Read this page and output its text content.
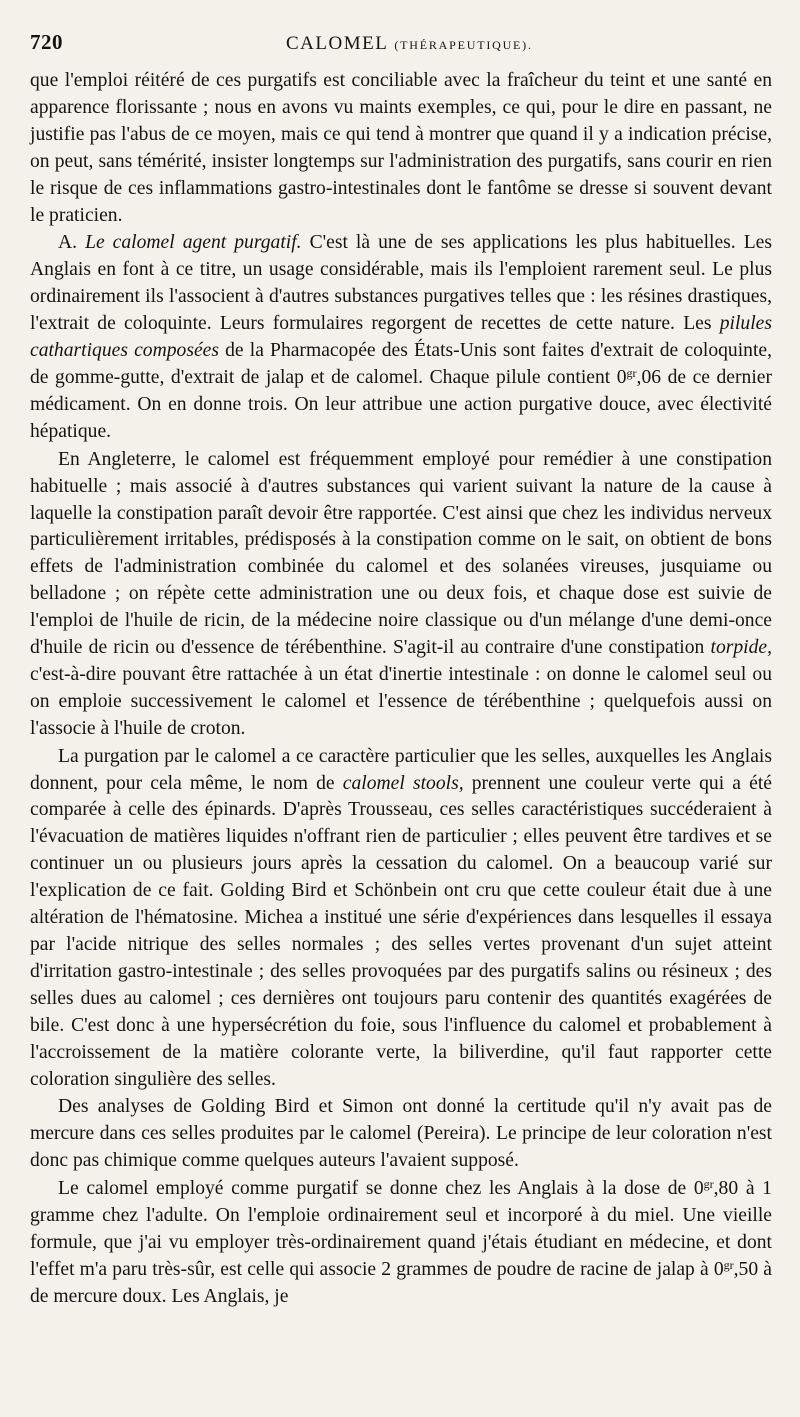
720	CALOMEL (THÉRAPEUTIQUE).

que l'emploi réitéré de ces purgatifs est conciliable avec la fraîcheur du teint et une santé en apparence florissante ; nous en avons vu maints exemples, ce qui, pour le dire en passant, ne justifie pas l'abus de ce moyen, mais ce qui tend à montrer que quand il y a indication précise, on peut, sans témérité, insister longtemps sur l'administration des purgatifs, sans courir en rien le risque de ces inflammations gastro-intestinales dont le fantôme se dresse si souvent devant le praticien.

A. Le calomel agent purgatif. C'est là une de ses applications les plus habituelles. Les Anglais en font à ce titre, un usage considérable, mais ils l'emploient rarement seul. Le plus ordinairement ils l'associent à d'autres substances purgatives telles que : les résines drastiques, l'extrait de coloquinte. Leurs formulaires regorgent de recettes de cette nature. Les pilules cathartiques composées de la Pharmacopée des États-Unis sont faites d'extrait de coloquinte, de gomme-gutte, d'extrait de jalap et de calomel. Chaque pilule contient $0^{gr},06$ de ce dernier médicament. On en donne trois. On leur attribue une action purgative douce, avec électivité hépatique.

En Angleterre, le calomel est fréquemment employé pour remédier à une constipation habituelle ; mais associé à d'autres substances qui varient suivant la nature de la cause à laquelle la constipation paraît devoir être rapportée. C'est ainsi que chez les individus nerveux particulièrement irritables, prédisposés à la constipation comme on le sait, on obtient de bons effets de l'administration combinée du calomel et des solanées vireuses, jusquiame ou belladone ; on répète cette administration une ou deux fois, et chaque dose est suivie de l'emploi de l'huile de ricin, de la médecine noire classique ou d'un mélange d'une demi-once d'huile de ricin ou d'essence de térébenthine. S'agit-il au contraire d'une constipation torpide, c'est-à-dire pouvant être rattachée à un état d'inertie intestinale : on donne le calomel seul ou on emploie successivement le calomel et l'essence de térébenthine ; quelquefois aussi on l'associe à l'huile de croton.

La purgation par le calomel a ce caractère particulier que les selles, auxquelles les Anglais donnent, pour cela même, le nom de calomel stools, prennent une couleur verte qui a été comparée à celle des épinards. D'après Trousseau, ces selles caractéristiques succéderaient à l'évacuation de matières liquides n'offrant rien de particulier ; elles peuvent être tardives et se continuer un ou plusieurs jours après la cessation du calomel. On a beaucoup varié sur l'explication de ce fait. Golding Bird et Schönbein ont cru que cette couleur était due à une altération de l'hématosine. Michea a institué une série d'expériences dans lesquelles il essaya par l'acide nitrique des selles normales ; des selles vertes provenant d'un sujet atteint d'irritation gastro-intestinale ; des selles provoquées par des purgatifs salins ou résineux ; des selles dues au calomel ; ces dernières ont toujours paru contenir des quantités exagérées de bile. C'est donc à une hypersécrétion du foie, sous l'influence du calomel et probablement à l'accroissement de la matière colorante verte, la biliverdine, qu'il faut rapporter cette coloration singulière des selles.

Des analyses de Golding Bird et Simon ont donné la certitude qu'il n'y avait pas de mercure dans ces selles produites par le calomel (Pereira). Le principe de leur coloration n'est donc pas chimique comme quelques auteurs l'avaient supposé.

Le calomel employé comme purgatif se donne chez les Anglais à la dose de $0^{gr},80$ à 1 gramme chez l'adulte. On l'emploie ordinairement seul et incorporé à du miel. Une vieille formule, que j'ai vu employer très-ordinairement quand j'étais étudiant en médecine, et dont l'effet m'a paru très-sûr, est celle qui associe 2 grammes de poudre de racine de jalap à $0^{gr},50$ à de mercure doux. Les Anglais, je
